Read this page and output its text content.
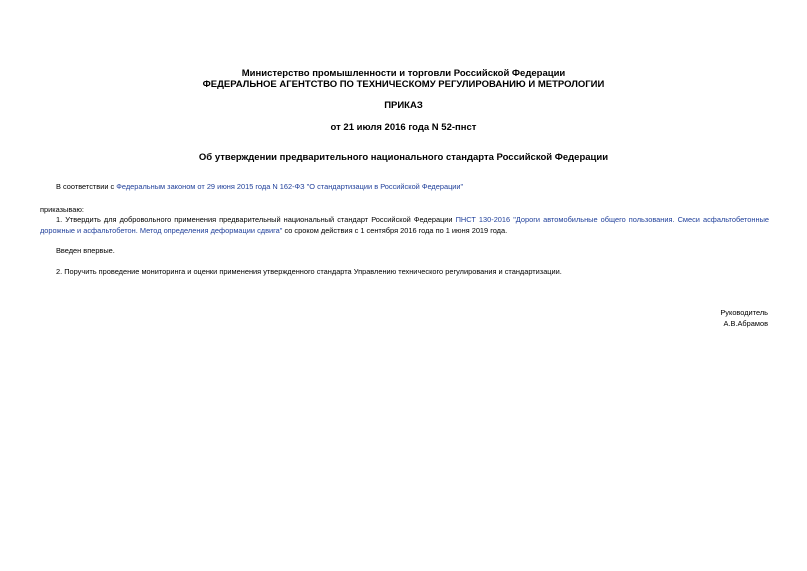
Министерство промышленности и торговли Российской Федерации
ФЕДЕРАЛЬНОЕ АГЕНТСТВО ПО ТЕХНИЧЕСКОМУ РЕГУЛИРОВАНИЮ И МЕТРОЛОГИИ
ПРИКАЗ
от 21 июля 2016 года N 52-пнст
Об утверждении предварительного национального стандарта Российской Федерации
В соответствии с Федеральным законом от 29 июня 2015 года N 162-ФЗ "О стандартизации в Российской Федерации"
приказываю:
1. Утвердить для добровольного применения предварительный национальный стандарт Российской Федерации ПНСТ 130-2016 "Дороги автомобильные общего пользования. Смеси асфальтобетонные дорожные и асфальтобетон. Метод определения деформации сдвига" со сроком действия с 1 сентября 2016 года по 1 июня 2019 года.
Введен впервые.
2. Поручить проведение мониторинга и оценки применения утвержденного стандарта Управлению технического регулирования и стандартизации.
Руководитель
А.В.Абрамов
